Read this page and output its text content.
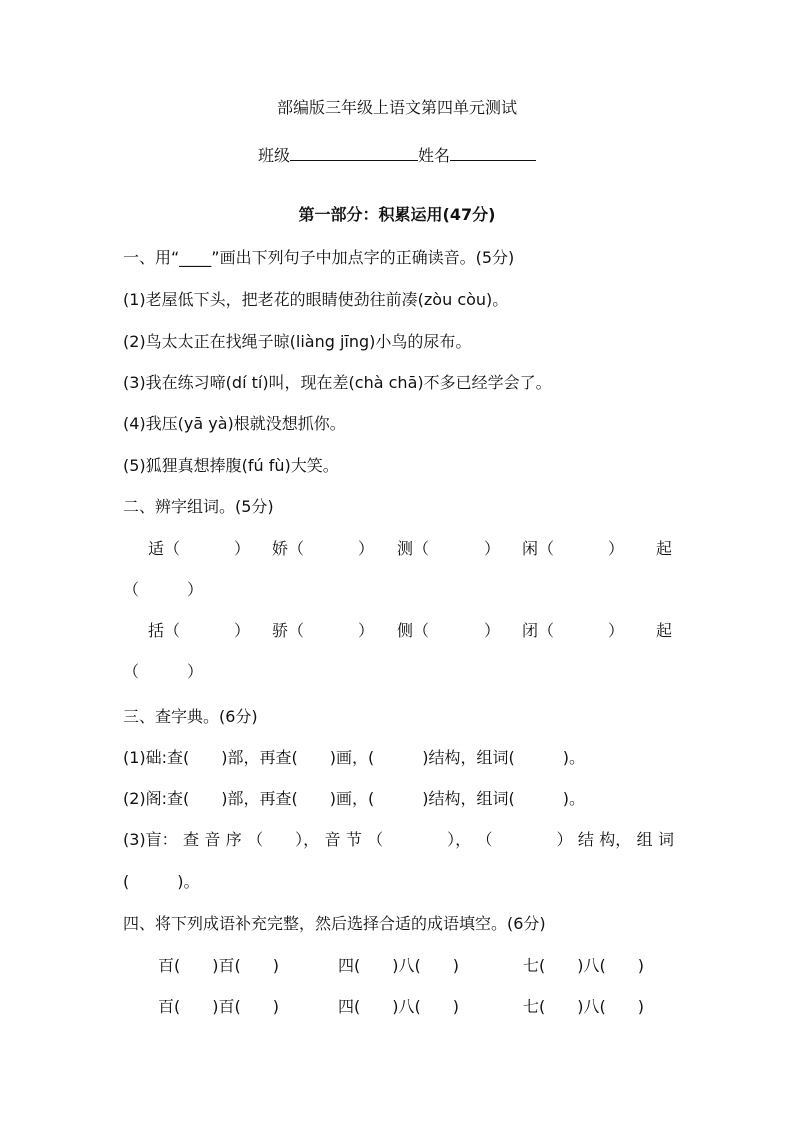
部编版三年级上语文第四单元测试
班级	姓名
第一部分：积累运用(47分)
一、用“____”画出下列句子中加点字的正确读音。(5分)
(1)老屋低下头，把老花的眼睛使劲往前凑(zòu còu)。
(2)鸟太太正在找绳子晾(liàng jīng)小鸟的尿布。
(3)我在练习啼(dí tí)叫，现在差(chà chā)不多已经学会了。
(4)我压(yā yà)根就没想抓你。
(5)狐狸真想捧腹(fú fù)大笑。
二、辨字组词。(5分)
适（	） 娇（	） 测（	） 闲（	） 起
（　　　）
括（	） 骄（	） 侧（	） 闭（	） 起
（　　　）
三、查字典。(6分)
(1)础:查(　　)部，再查(　　)画，(　　　)结构，组词(　　　)。
(2)阁:查(　　)部，再查(　　)画，(　　　)结构，组词(　　　)。
(3)盲： 查 音 序 （　　）， 音 节 （　　　　）， （　　　　） 结 构， 组 词
(　　　)。
四、将下列成语补充完整，然后选择合适的成语填空。(6分)
百(　　)百(　　)	四(　　)八(　　)	七(　　)八(　　)
百(　　)百(　　)	四(　　)八(　　)	七(　　)八(　　)
